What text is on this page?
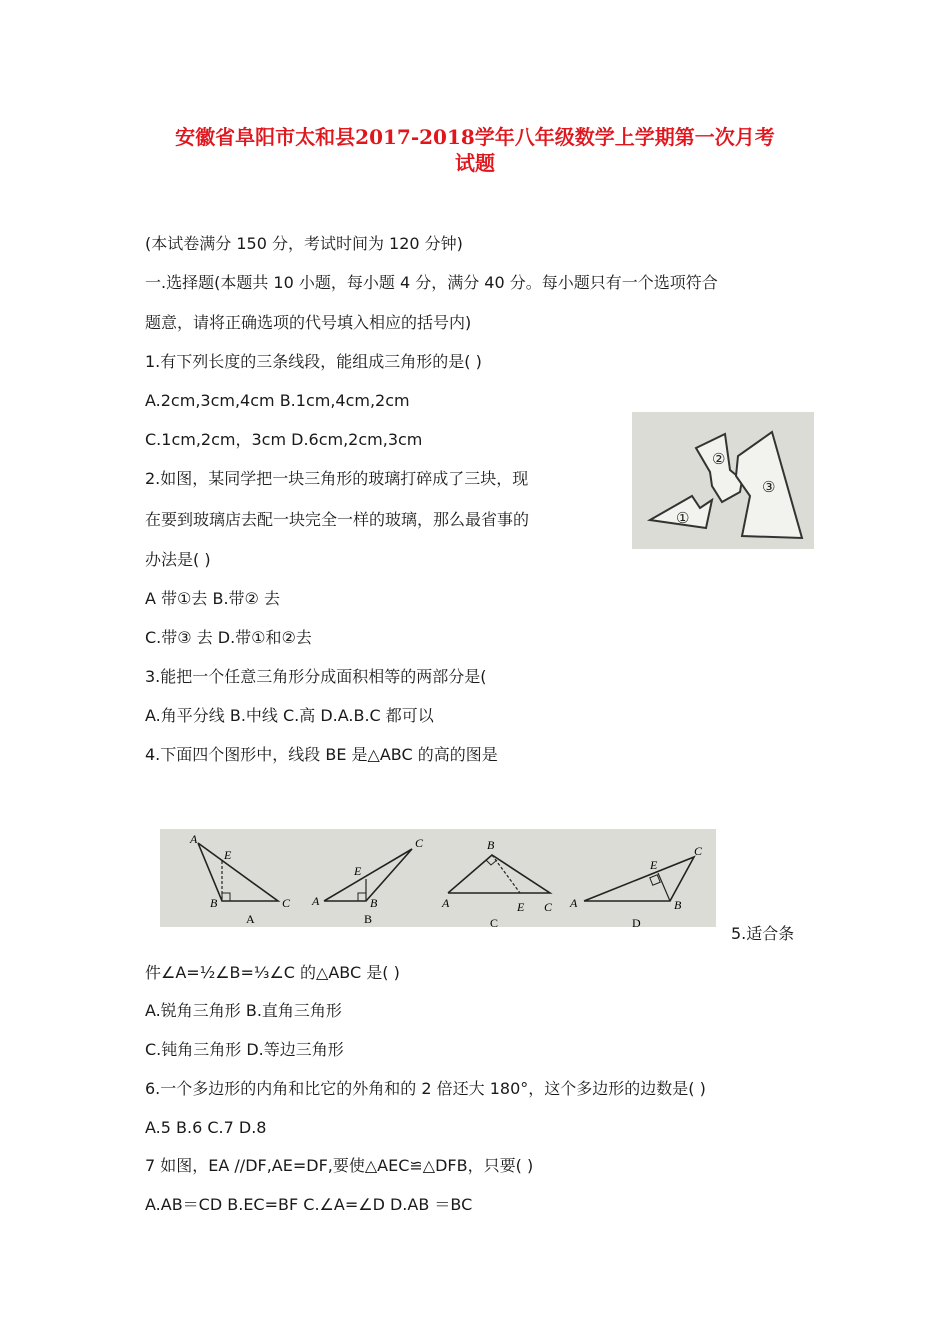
安徽省阜阳市太和县2017-2018学年八年级数学上学期第一次月考
试题
(本试卷满分 150 分，考试时间为 120 分钟)
一.选择题(本题共 10 小题，每小题 4 分，满分 40 分。每小题只有一个选项符合
题意，请将正确选项的代号填入相应的括号内)
1.有下列长度的三条线段，能组成三角形的是( )
A.2cm,3cm,4cm B.1cm,4cm,2cm
C.1cm,2cm，3cm D.6cm,2cm,3cm
2.如图，某同学把一块三角形的玻璃打碎成了三块，现
在要到玻璃店去配一块完全一样的玻璃，那么最省事的
办法是( )
A 带①去 B.带② 去
C.带③ 去 D.带①和②去
3.能把一个任意三角形分成面积相等的两部分是(
A.角平分线 B.中线 C.高 D.A.B.C 都可以
4.下面四个图形中，线段 BE 是△ABC 的高的图是
5.适合条
件∠A=½∠B=⅓∠C 的△ABC 是( )
A.锐角三角形 B.直角三角形
C.钝角三角形 D.等边三角形
6.一个多边形的内角和比它的外角和的 2 倍还大 180°，这个多边形的边数是( )
A.5 B.6 C.7 D.8
7 如图，EA //DF,AE=DF,要使△AEC≌△DFB，只要( )
A.AB＝CD B.EC=BF C.∠A=∠D D.AB ＝BC
①
②
③
A
E
B	C
A
A
E
B
C
B
B
A	E C
C
A
E
B
C
D
